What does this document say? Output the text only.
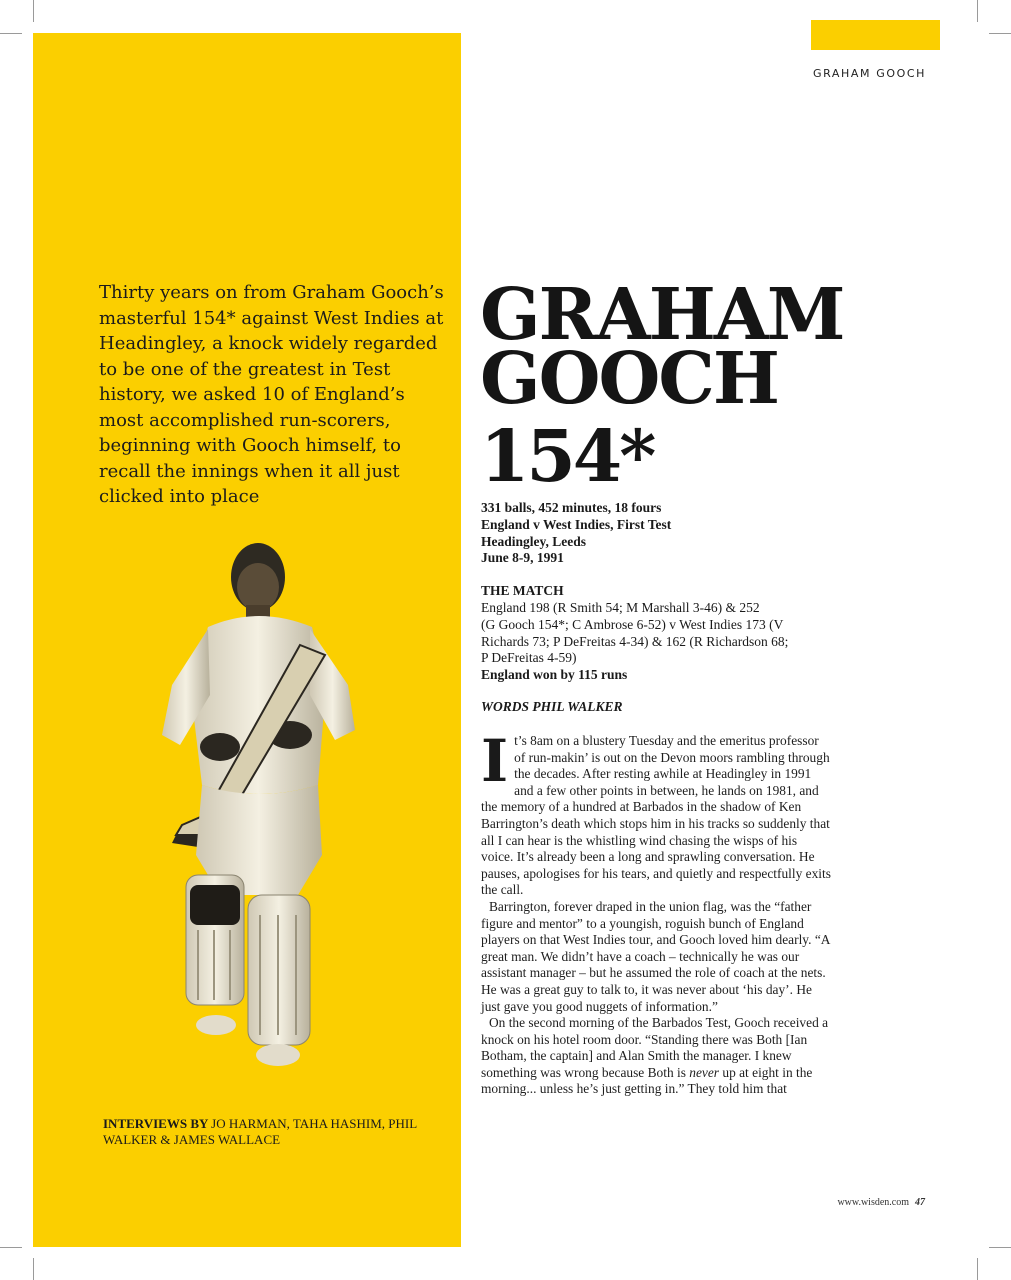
GRAHAM GOOCH

Thirty years on from Graham Gooch’s masterful 154* against West Indies at Headingley, a knock widely regarded to be one of the greatest in Test history, we asked 10 of England’s most accomplished run-scorers, beginning with Gooch himself, to recall the innings when it all just clicked into place

INTERVIEWS BY JO HARMAN, TAHA HASHIM, PHIL WALKER & JAMES WALLACE
GRAHAM
GOOCH
154*
331 balls, 452 minutes, 18 fours
England v West Indies, First Test
Headingley, Leeds
June 8-9, 1991
THE MATCH
England 198 (R Smith 54; M Marshall 3-46) & 252
(G Gooch 154*; C Ambrose 6-52) v West Indies 173 (V
Richards 73; P DeFreitas 4-34) & 162 (R Richardson 68;
P DeFreitas 4-59)
England won by 115 runs
WORDS PHIL WALKER
I t’s 8am on a blustery Tuesday and the emeritus professor of run-makin’ is out on the Devon moors rambling through the decades. After resting awhile at Headingley in 1991 and a few other points in between, he lands on 1981, and the memory of a hundred at Barbados in the shadow of Ken Barrington’s death which stops him in his tracks so suddenly that all I can hear is the whistling wind chasing the wisps of his voice. It’s already been a long and sprawling conversation. He pauses, apologises for his tears, and quietly and respectfully exits the call.

Barrington, forever draped in the union flag, was the “father figure and mentor” to a youngish, roguish bunch of England players on that West Indies tour, and Gooch loved him dearly. “A great man. We didn’t have a coach – technically he was our assistant manager – but he assumed the role of coach at the nets. He was a great guy to talk to, it was never about ‘his day’. He just gave you good nuggets of information.”

On the second morning of the Barbados Test, Gooch received a knock on his hotel room door. “Standing there was Both [Ian Botham, the captain] and Alan Smith the manager. I knew something was wrong because Both is never up at eight in the morning... unless he’s just getting in.” They told him that

www.wisden.com 47
